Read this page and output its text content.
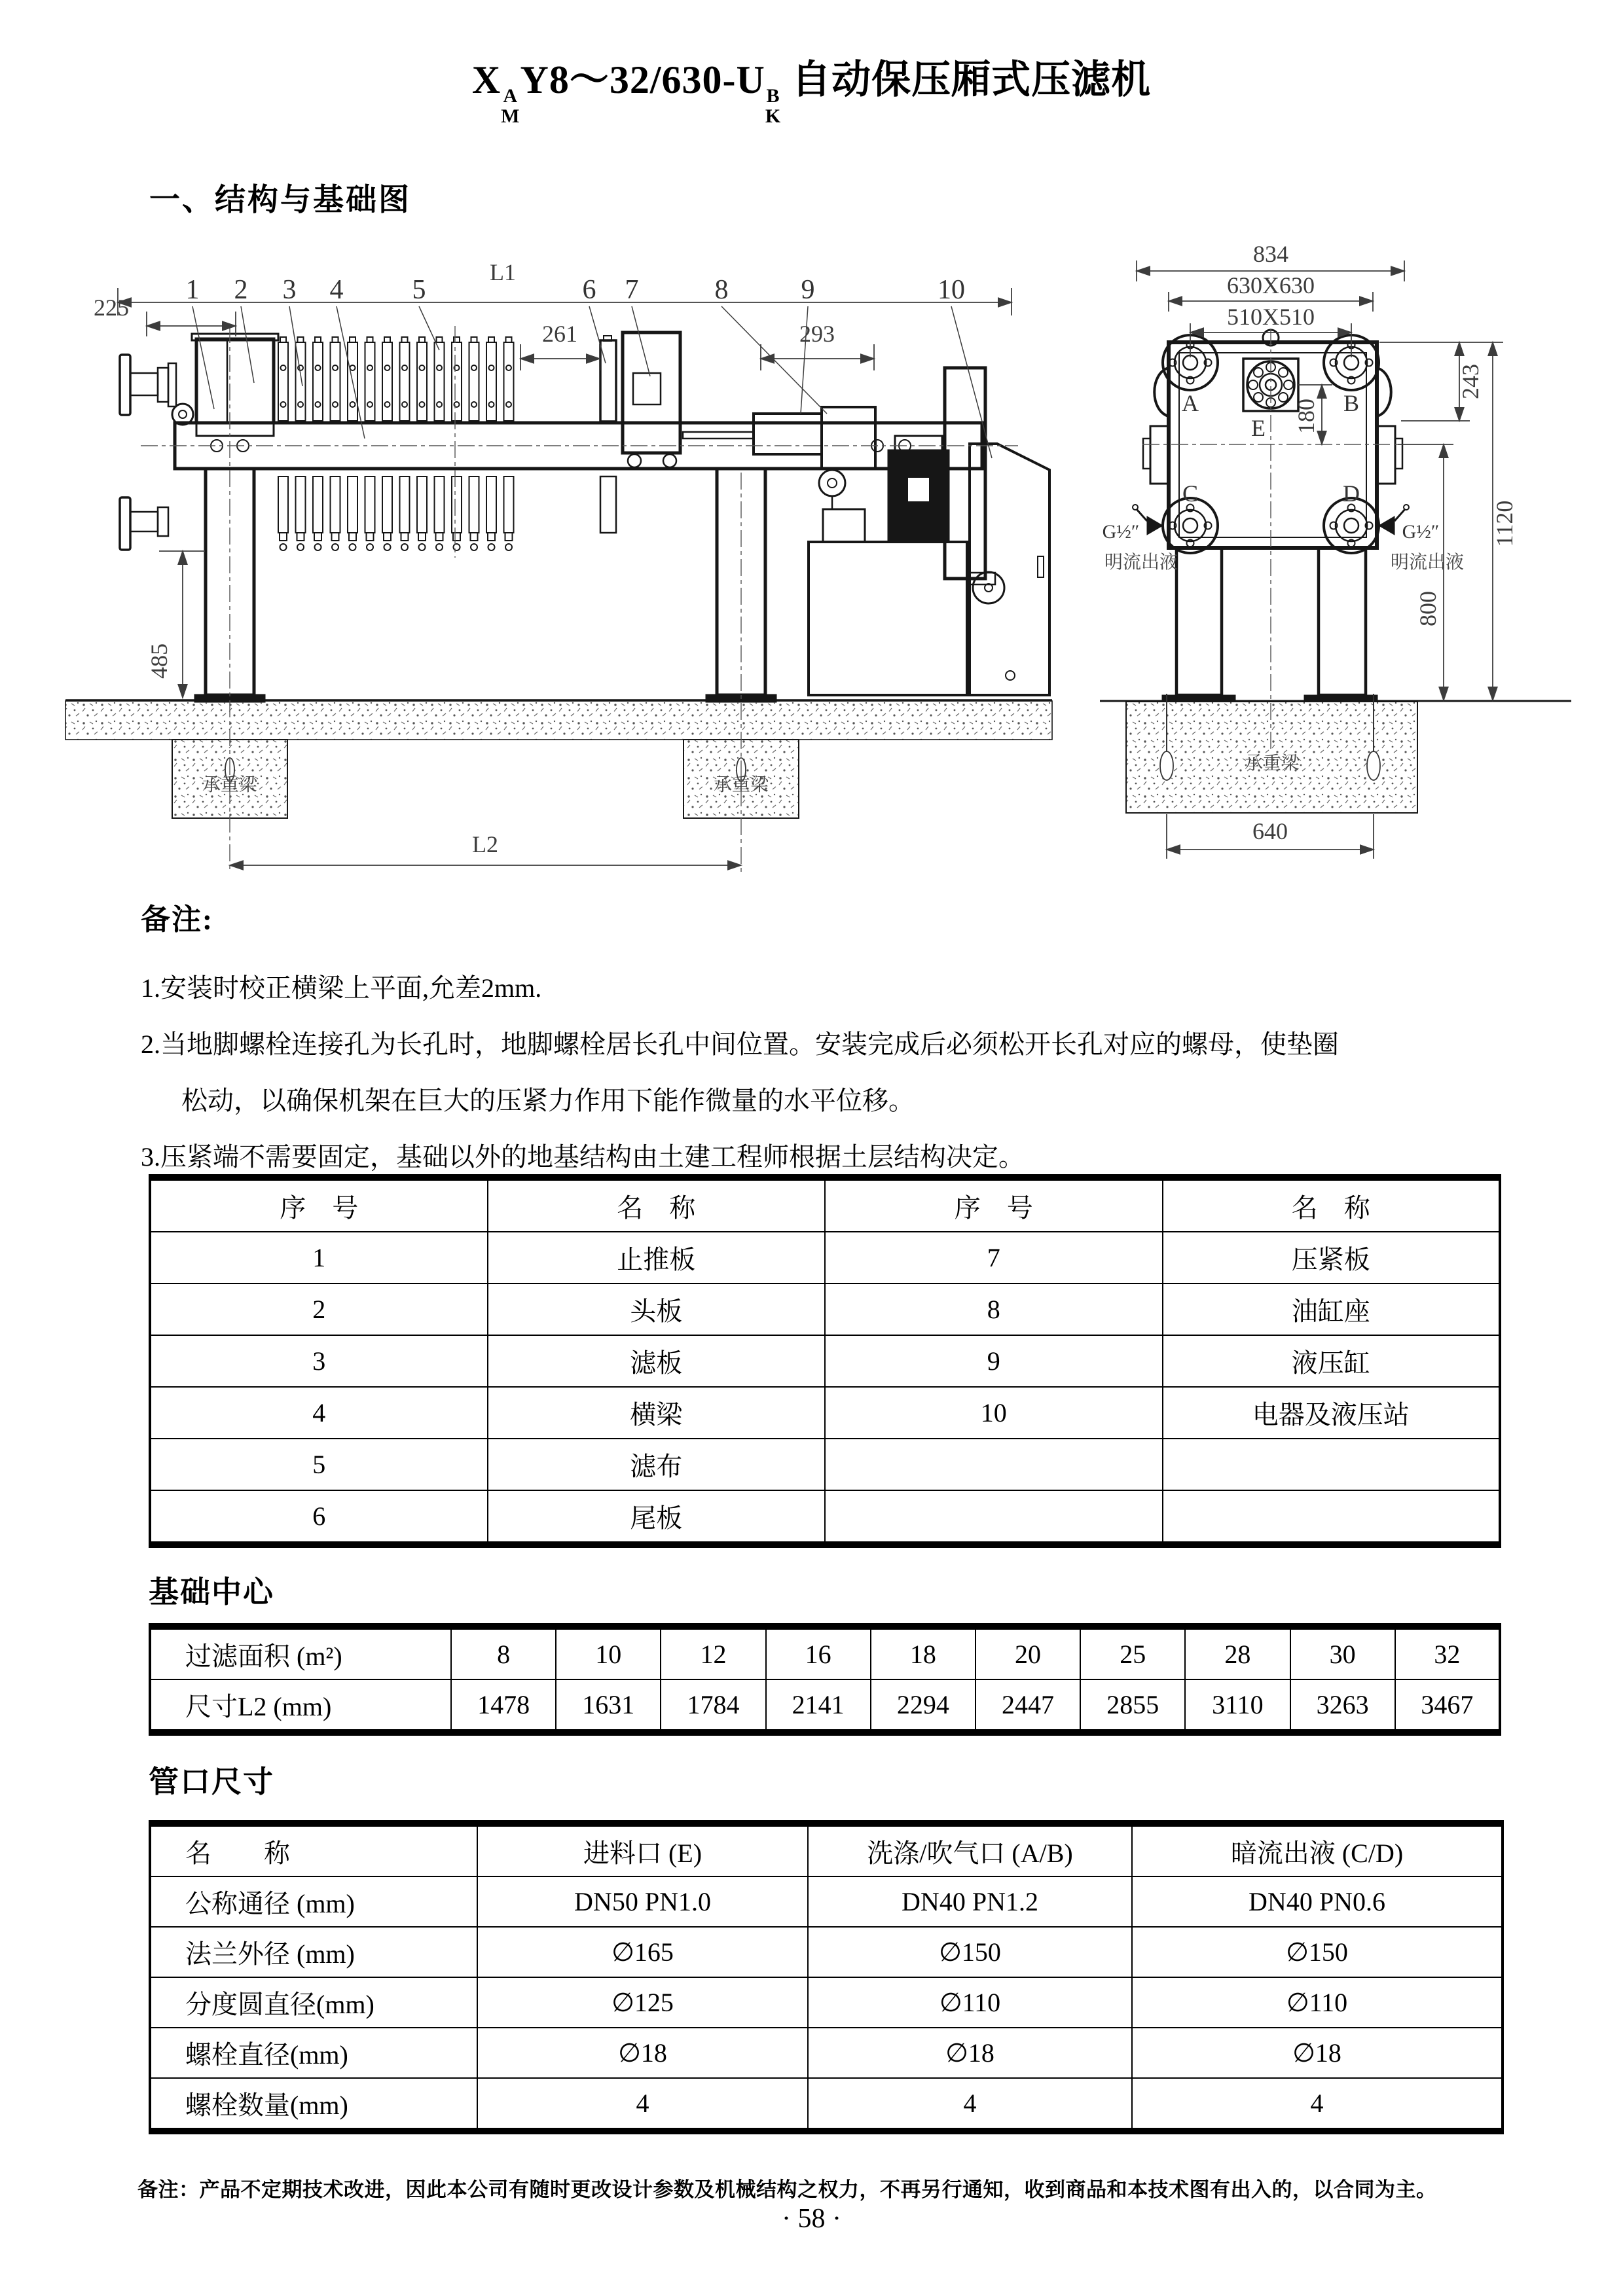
X A
M
Y8～32/630-U B
K
自动保压厢式压滤机
一、结构与基础图
承重梁	承重梁
L1
225
261	293
485
L2
1 2 3 4	5	6 7	8	9	10
承重梁
834
630X630
510X510
243
180
1120
800
640
A	B
C	D
E
G½″	G½″
明流出液	明流出液
备注:
1.安装时校正横梁上平面,允差2mm.
2.当地脚螺栓连接孔为长孔时，地脚螺栓居长孔中间位置。安装完成后必须松开长孔对应的螺母，使垫圈
松动，以确保机架在巨大的压紧力作用下能作微量的水平位移。
3.压紧端不需要固定，基础以外的地基结构由土建工程师根据土层结构决定。
序　号	名　称	序　号	名　称
1	止推板	7	压紧板
2	头板	8	油缸座
3	滤板	9	液压缸
4	横梁	10	电器及液压站
5	滤布		
6	尾板		
基础中心
过滤面积 (m²)	8	10	12	16	18	20	25	28	30	32
尺寸L2 (mm)	1478	1631	1784	2141	2294	2447	2855	3110	3263	3467
管口尺寸
名　　称	进料口 (E)	洗涤/吹气口 (A/B)	暗流出液 (C/D)
公称通径 (mm)	DN50 PN1.0	DN40 PN1.2	DN40 PN0.6
法兰外径 (mm)	∅165	∅150	∅150
分度圆直径(mm)	∅125	∅110	∅110
螺栓直径(mm)	∅18	∅18	∅18
螺栓数量(mm)	4	4	4
备注：产品不定期技术改进，因此本公司有随时更改设计参数及机械结构之权力，不再另行通知，收到商品和本技术图有出入的，以合同为主。
· 58 ·
